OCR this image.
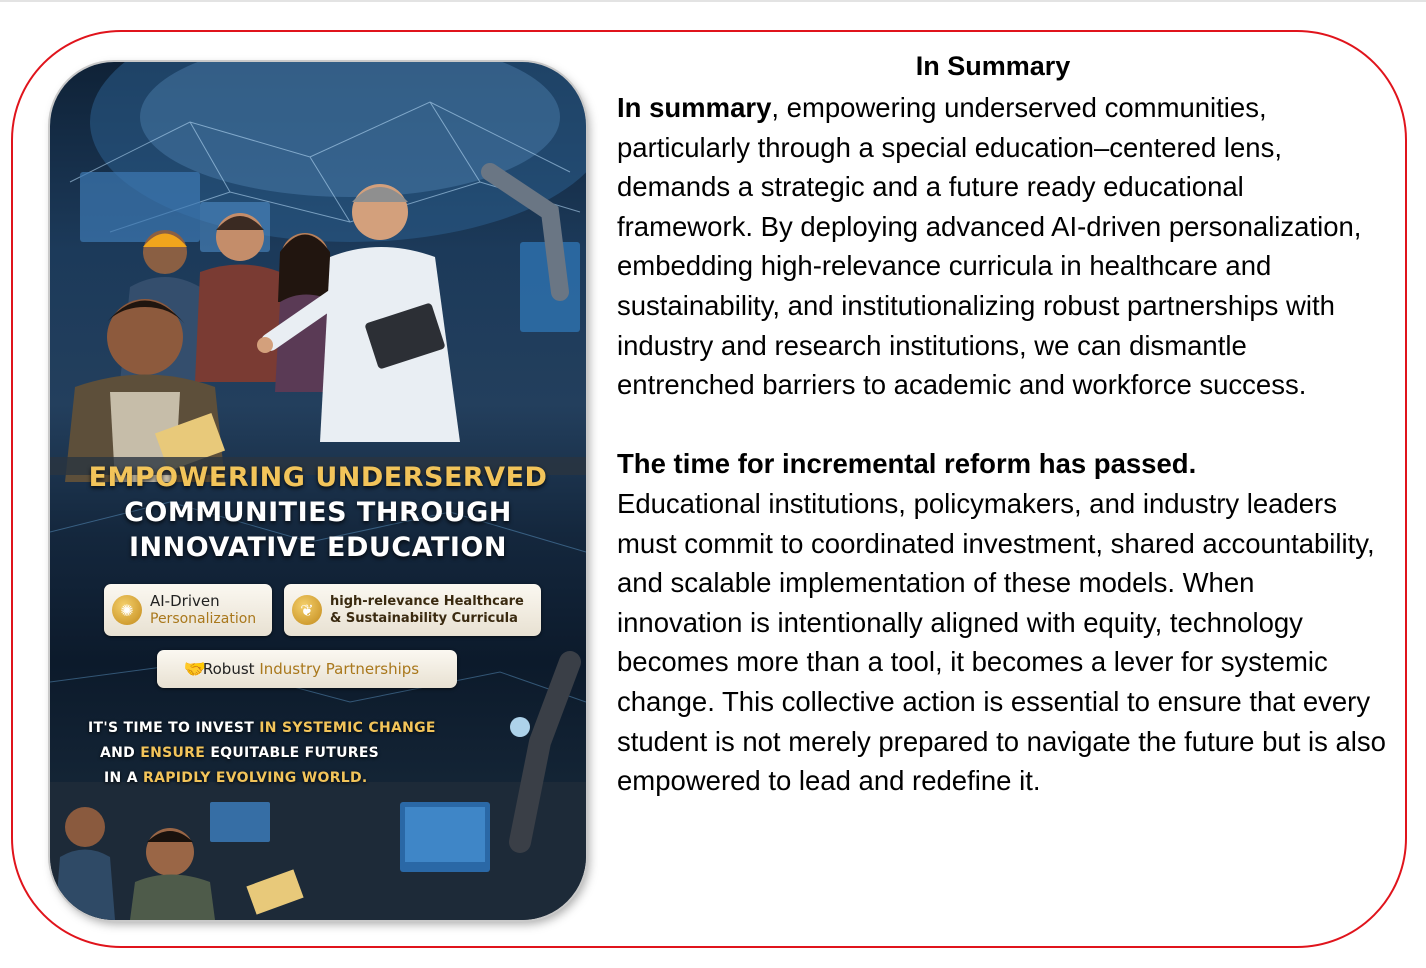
EMPOWERING UNDERSERVED
COMMUNITIES THROUGH
INNOVATIVE EDUCATION
✺	AI-Driven
Personalization	❦	high-relevance Healthcare
& Sustainability Curricula
🤝
Robust Industry Partnerships
IT'S TIME TO INVEST IN SYSTEMIC CHANGE
AND ENSURE EQUITABLE FUTURES
IN A RAPIDLY EVOLVING WORLD.
In Summary

In summary, empowering underserved communities, particularly through a special education–centered lens, demands a strategic and a future ready educational framework. By deploying advanced AI-driven personalization, embedding high-relevance curricula in healthcare and sustainability, and institutionalizing robust partnerships with industry and research institutions, we can dismantle entrenched barriers to academic and workforce success.

The time for incremental reform has passed.
Educational institutions, policymakers, and industry leaders must commit to coordinated investment, shared accountability, and scalable implementation of these models. When innovation is intentionally aligned with equity, technology becomes more than a tool, it becomes a lever for systemic change. This collective action is essential to ensure that every student is not merely prepared to navigate the future but is also empowered to lead and redefine it.
